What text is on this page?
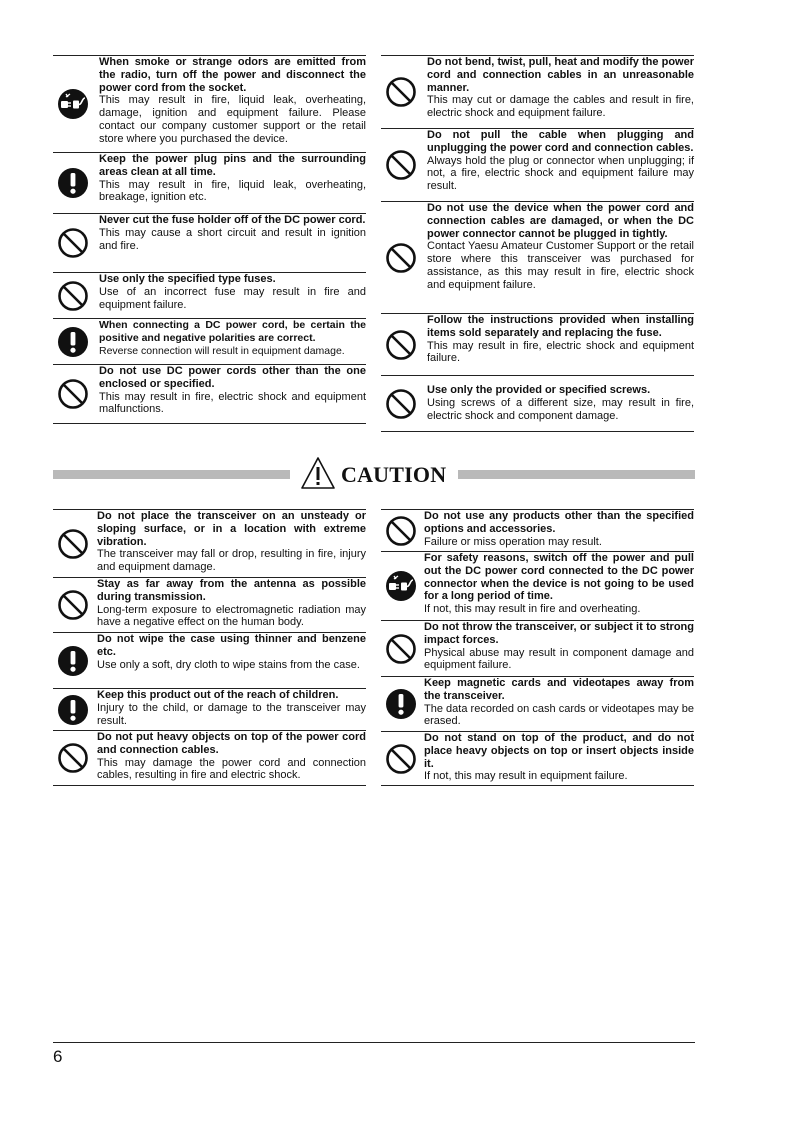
When smoke or strange odors are emitted from the radio, turn off the power and disconnect the power cord from the socket.
This may result in fire, liquid leak, overheating, damage, ignition and equipment failure. Please contact our company customer support or the retail store where you purchased the device.
Keep the power plug pins and the surrounding areas clean at all time.
This may result in fire, liquid leak, overheating, breakage, ignition etc.
Never cut the fuse holder off of the DC power cord.
This may cause a short circuit and result in ignition and fire.
Use only the specified type fuses.
Use of an incorrect fuse may result in fire and equipment failure.
When connecting a DC power cord, be certain the positive and negative polarities are correct.
Reverse connection will result in equipment damage.
Do not use DC power cords other than the one enclosed or specified.
This may result in fire, electric shock and equipment malfunctions.
Do not bend, twist, pull, heat and modify the power cord and connection cables in an unreasonable manner.
This may cut or damage the cables and result in fire, electric shock and equipment failure.
Do not pull the cable when plugging and unplugging the power cord and connection cables.
Always hold the plug or connector when unplugging; if not, a fire, electric shock and equipment failure may result.
Do not use the device when the power cord and connection cables are damaged, or when the DC power connector cannot be plugged in tightly.
Contact Yaesu Amateur Customer Support or the retail store where this transceiver was purchased for assistance, as this may result in fire, electric shock and equipment failure.
Follow the instructions provided when installing items sold separately and replacing the fuse.
This may result in fire, electric shock and equipment failure.
Use only the provided or specified screws.
Using screws of a different size, may result in fire, electric shock and component damage.
CAUTION
Do not place the transceiver on an unsteady or sloping surface, or in a location with extreme vibration.
The transceiver may fall or drop, resulting in fire, injury and equipment damage.
Stay as far away from the antenna as possible during transmission.
Long-term exposure to electromagnetic radiation may have a negative effect on the human body.
Do not wipe the case using thinner and benzene etc.
Use only a soft, dry cloth to wipe stains from the case.
Keep this product out of the reach of children.
Injury to the child, or damage to the transceiver may result.
Do not put heavy objects on top of the power cord and connection cables.
This may damage the power cord and connection cables, resulting in fire and electric shock.
Do not use any products other than the specified options and accessories.
Failure or miss operation may result.
For safety reasons, switch off the power and pull out the DC power cord connected to the DC power connector when the device is not going to be used for a long period of time.
If not, this may result in fire and overheating.
Do not throw the transceiver, or subject it to strong impact forces.
Physical abuse may result in component damage and equipment failure.
Keep magnetic cards and videotapes away from the transceiver.
The data recorded on cash cards or videotapes may be erased.
Do not stand on top of the product, and do not place heavy objects on top or insert objects inside it.
If not, this may result in equipment failure.
6
